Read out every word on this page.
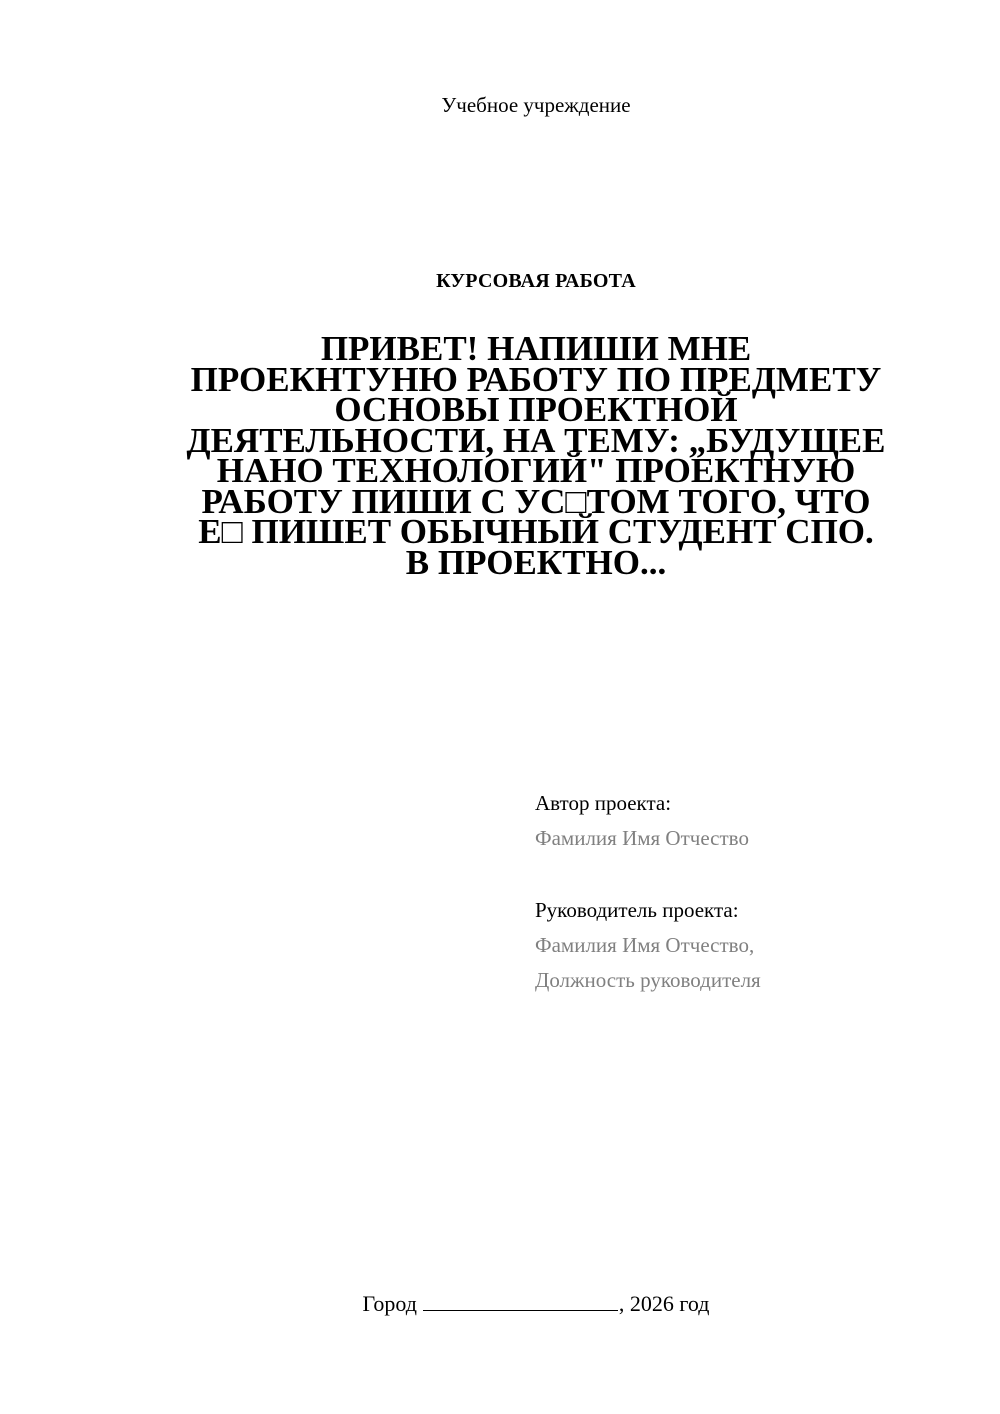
Учебное учреждение
КУРСОВАЯ РАБОТА
ПРИВЕТ! НАПИШИ МНЕ
ПРОЕКНТУНЮ РАБОТУ ПО ПРЕДМЕТУ
ОСНОВЫ ПРОЕКТНОЙ
ДЕЯТЕЛЬНОСТИ, НА ТЕМУ: „БУДУЩЕЕ
НАНО ТЕХНОЛОГИЙ" ПРОЕКТНУЮ
РАБОТУ ПИШИ С УС□ТОМ ТОГО, ЧТО
Е□ ПИШЕТ ОБЫЧНЫЙ СТУДЕНТ СПО.
В ПРОЕКТНО...
Автор проекта:
Фамилия Имя Отчество
Руководитель проекта:
Фамилия Имя Отчество,
Должность руководителя
Город	, 2026 год
